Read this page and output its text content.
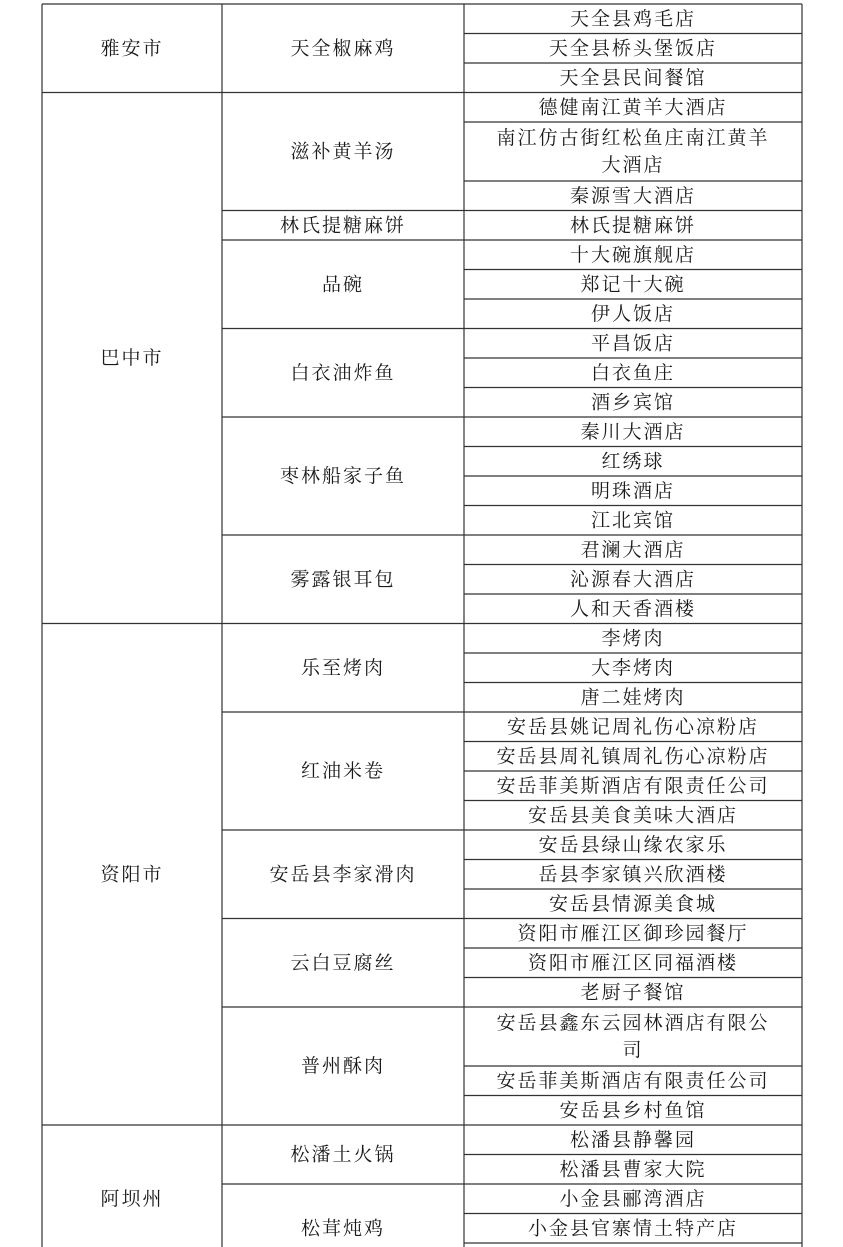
天全县鸡毛店
天全县桥头堡饭店
天全县民间餐馆
天全椒麻鸡
雅安市
德健南江黄羊大酒店
南江仿古街红松鱼庄南江黄羊大酒店
秦源雪大酒店
滋补黄羊汤
林氏提糖麻饼
林氏提糖麻饼
十大碗旗舰店
郑记十大碗
伊人饭店
品碗
平昌饭店
白衣鱼庄
酒乡宾馆
白衣油炸鱼
秦川大酒店
红绣球
明珠酒店
江北宾馆
枣林船家子鱼
君澜大酒店
沁源春大酒店
人和天香酒楼
雾露银耳包
巴中市
李烤肉
大李烤肉
唐二娃烤肉
乐至烤肉
安岳县姚记周礼伤心凉粉店
安岳县周礼镇周礼伤心凉粉店
安岳菲美斯酒店有限责任公司
安岳县美食美味大酒店
红油米卷
安岳县绿山缘农家乐
岳县李家镇兴欣酒楼
安岳县情源美食城
安岳县李家滑肉
资阳市雁江区御珍园餐厅
资阳市雁江区同福酒楼
老厨子餐馆
云白豆腐丝
安岳县鑫东云园林酒店有限公司
安岳菲美斯酒店有限责任公司
安岳县乡村鱼馆
普州酥肉
资阳市
松潘县静馨园
松潘县曹家大院
松潘土火锅
小金县郦湾酒店
小金县官寨情土特产店
松茸炖鸡
阿坝州
